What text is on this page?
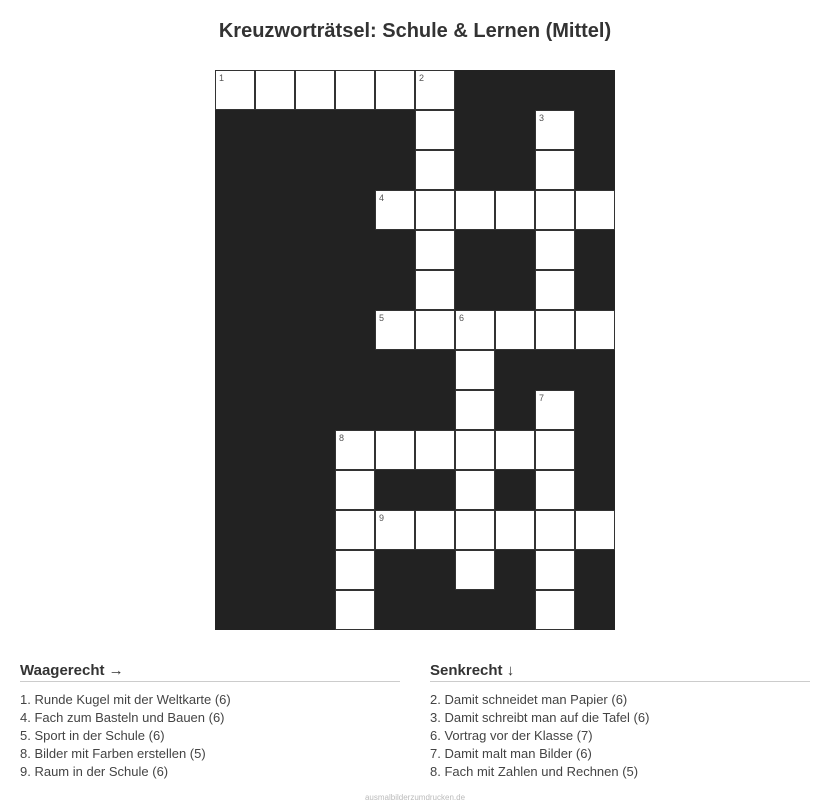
Kreuzworträtsel: Schule & Lernen (Mittel)
1	2
3
4
5	6
7
8
9
Waagerecht →
1. Runde Kugel mit der Weltkarte (6)
4. Fach zum Basteln und Bauen (6)
5. Sport in der Schule (6)
8. Bilder mit Farben erstellen (5)
9. Raum in der Schule (6)
Senkrecht ↓
2. Damit schneidet man Papier (6)
3. Damit schreibt man auf die Tafel (6)
6. Vortrag vor der Klasse (7)
7. Damit malt man Bilder (6)
8. Fach mit Zahlen und Rechnen (5)
ausmalbilderzumdrucken.de
